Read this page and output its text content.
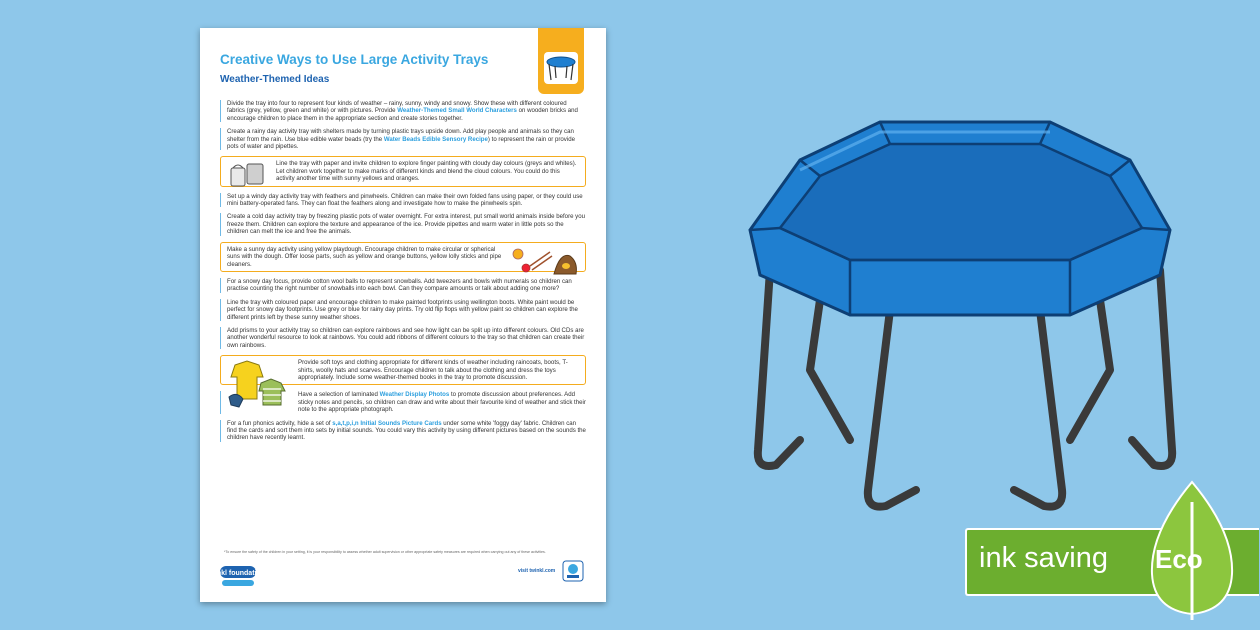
Creative Ways to Use Large Activity Trays
Weather-Themed Ideas

Divide the tray into four to represent four kinds of weather – rainy, sunny, windy and snowy. Show these with different coloured fabrics (grey, yellow, green and white) or with pictures. Provide Weather-Themed Small World Characters on wooden bricks and encourage children to place them in the appropriate section and create stories together.

Create a rainy day activity tray with shelters made by turning plastic trays upside down. Add play people and animals so they can shelter from the rain. Use blue edible water beads (try the Water Beads Edible Sensory Recipe) to represent the rain or provide pots of water and pipettes.

Line the tray with paper and invite children to explore finger painting with cloudy day colours (greys and whites). Let children work together to make marks of different kinds and blend the cloud colours. You could do this activity another time with sunny yellows and oranges.

Set up a windy day activity tray with feathers and pinwheels. Children can make their own folded fans using paper, or they could use mini battery-operated fans. They can float the feathers along and investigate how to make the pinwheels spin.

Create a cold day activity tray by freezing plastic pots of water overnight. For extra interest, put small world animals inside before you freeze them. Children can explore the texture and appearance of the ice. Provide pipettes and warm water in little pots so the children can melt the ice and free the animals.

Make a sunny day activity using yellow playdough. Encourage children to make circular or spherical suns with the dough. Offer loose parts, such as yellow and orange buttons, yellow lolly sticks and pipe cleaners.

For a snowy day focus, provide cotton wool balls to represent snowballs. Add tweezers and bowls with numerals so children can practise counting the right number of snowballs into each bowl. Can they compare amounts or talk about adding one more?

Line the tray with coloured paper and encourage children to make painted footprints using wellington boots. White paint would be perfect for snowy day footprints. Use grey or blue for rainy day prints. Try old flip flops with yellow paint so children can explore the different prints left by these sunny weather shoes.

Add prisms to your activity tray so children can explore rainbows and see how light can be split up into different colours. Old CDs are another wonderful resource to look at rainbows. You could add ribbons of different colours to the tray so that children can create their own rainbows.

Provide soft toys and clothing appropriate for different kinds of weather including raincoats, boots, T-shirts, woolly hats and scarves. Encourage children to talk about the clothing and dress the toys appropriately. Include some weather-themed books in the tray to promote discussion.

Have a selection of laminated Weather Display Photos to promote discussion about preferences. Add sticky notes and pencils, so children can draw and write about their favourite kind of weather and stick their note to the appropriate photograph.

For a fun phonics activity, hide a set of s,a,t,p,i,n Initial Sounds Picture Cards under some white 'foggy day' fabric. Children can find the cards and sort them into sets by initial sounds. You could vary this activity by using different pictures based on the sounds the children have recently learnt.

*To ensure the safety of the children in your setting, it is your responsibility to assess whether adult supervision or other appropriate safety measures are required when carrying out any of these activities.
twinkl foundations	visit twinkl.com	ink saving Eco
